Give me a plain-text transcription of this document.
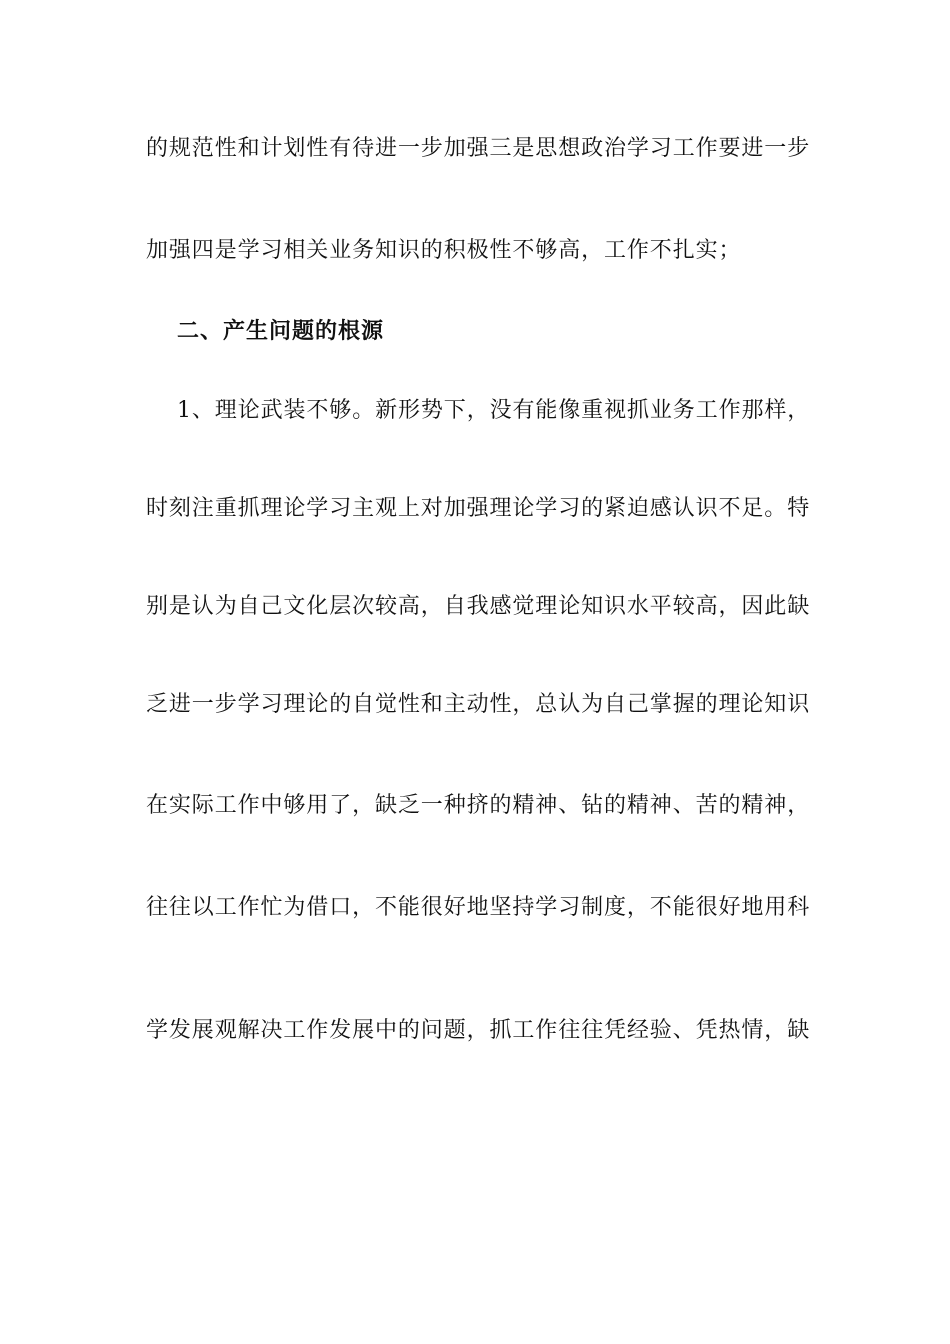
的规范性和计划性有待进一步加强三是思想政治学习工作要进一步
加强四是学习相关业务知识的积极性不够高，工作不扎实；
二、产生问题的根源
1、理论武装不够。新形势下，没有能像重视抓业务工作那样，
时刻注重抓理论学习主观上对加强理论学习的紧迫感认识不足。特
别是认为自己文化层次较高，自我感觉理论知识水平较高，因此缺
乏进一步学习理论的自觉性和主动性，总认为自己掌握的理论知识
在实际工作中够用了，缺乏一种挤的精神、钻的精神、苦的精神，
往往以工作忙为借口，不能很好地坚持学习制度，不能很好地用科
学发展观解决工作发展中的问题，抓工作往往凭经验、凭热情，缺
